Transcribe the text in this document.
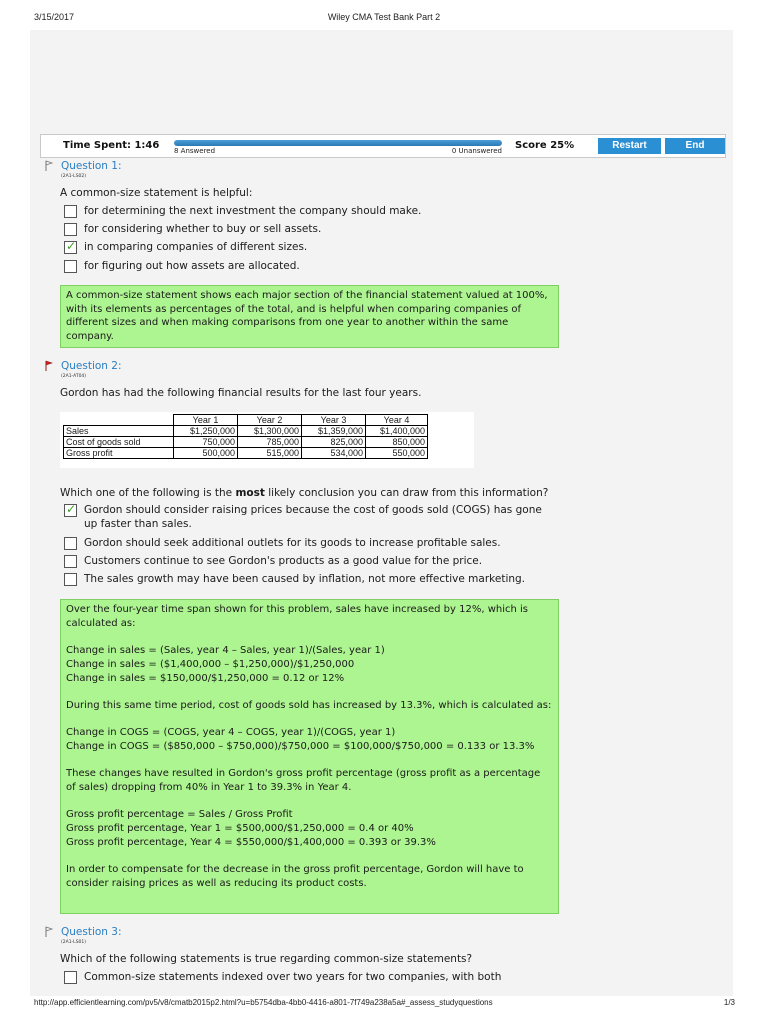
3/15/2017	Wiley CMA Test Bank Part 2
Time Spent: 1:46 8 Answered	0 Unanswered Score 25%	Restart	End
Question 1:
(2A1-LS02)
A common-size statement is helpful:
for determining the next investment the company should make.
for considering whether to buy or sell assets.
✓
in comparing companies of different sizes.
for figuring out how assets are allocated.

A common-size statement shows each major section of the financial statement valued at 100%, with its elements as percentages of the total, and is helpful when comparing companies of different sizes and when making comparisons from one year to another within the same company.

Question 2:
(2A1-AT04)
Gordon has had the following financial results for the last four years.
	Year 1	Year 2	Year 3	Year 4
Sales	$1,250,000	$1,300,000	$1,359,000	$1,400,000
Cost of goods sold	750,000	785,000	825,000	850,000
Gross profit	500,000	515,000	534,000	550,000
Which one of the following is the most likely conclusion you can draw from this information?
✓
Gordon should consider raising prices because the cost of goods sold (COGS) has gone up faster than sales.
Gordon should seek additional outlets for its goods to increase profitable sales.
Customers continue to see Gordon's products as a good value for the price.
The sales growth may have been caused by inflation, not more effective marketing.

Over the four-year time span shown for this problem, sales have increased by 12%, which is calculated as:

Change in sales = (Sales, year 4 – Sales, year 1)/(Sales, year 1)
Change in sales = ($1,400,000 – $1,250,000)/$1,250,000
Change in sales = $150,000/$1,250,000 = 0.12 or 12%

During this same time period, cost of goods sold has increased by 13.3%, which is calculated as:

Change in COGS = (COGS, year 4 – COGS, year 1)/(COGS, year 1)
Change in COGS = ($850,000 – $750,000)/$750,000 = $100,000/$750,000 = 0.133 or 13.3%

These changes have resulted in Gordon's gross profit percentage (gross profit as a percentage of sales) dropping from 40% in Year 1 to 39.3% in Year 4.

Gross profit percentage = Sales / Gross Profit
Gross profit percentage, Year 1 = $500,000/$1,250,000 = 0.4 or 40%
Gross profit percentage, Year 4 = $550,000/$1,400,000 = 0.393 or 39.3%

In order to compensate for the decrease in the gross profit percentage, Gordon will have to consider raising prices as well as reducing its product costs.

Question 3:
(2A1-LS01)
Which of the following statements is true regarding common-size statements?
Common-size statements indexed over two years for two companies, with both
http://app.efficientlearning.com/pv5/v8/cmatb2015p2.html?u=b5754dba-4bb0-4416-a801-7f749a238a5a#_assess_studyquestions	1/3
